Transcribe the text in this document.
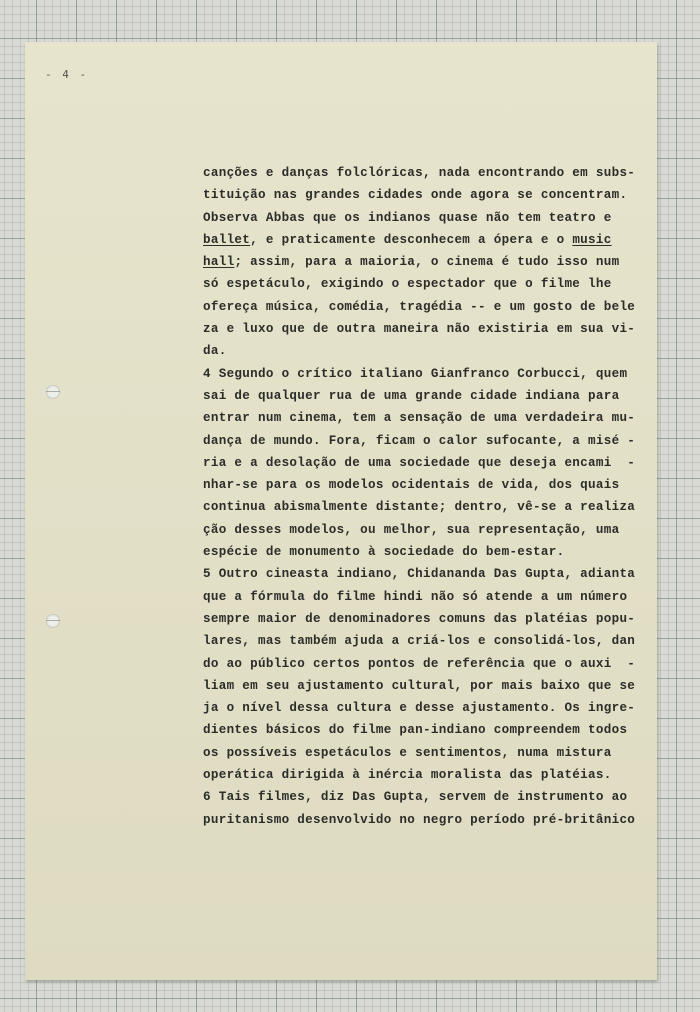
- 4 -
canções e danças folclóricas, nada encontrando em subs-
tituição nas grandes cidades onde agora se concentram.
Observa Abbas que os indianos quase não tem teatro e
ballet, e praticamente desconhecem a ópera e o music
hall; assim, para a maioria, o cinema é tudo isso num
só espetáculo, exigindo o espectador que o filme lhe
ofereça música, comédia, tragédia -- e um gosto de bele
za e luxo que de outra maneira não existiria em sua vi-
da.
4 Segundo o crítico italiano Gianfranco Corbucci, quem
sai de qualquer rua de uma grande cidade indiana para
entrar num cinema, tem a sensação de uma verdadeira mu-
dança de mundo. Fora, ficam o calor sufocante, a misé -
ria e a desolação de uma sociedade que deseja encami  -
nhar-se para os modelos ocidentais de vida, dos quais
continua abismalmente distante; dentro, vê-se a realiza
ção desses modelos, ou melhor, sua representação, uma
espécie de monumento à sociedade do bem-estar.
5 Outro cineasta indiano, Chidananda Das Gupta, adianta
que a fórmula do filme hindi não só atende a um número
sempre maior de denominadores comuns das platéias popu-
lares, mas também ajuda a criá-los e consolidá-los, dan
do ao público certos pontos de referência que o auxi  -
liam em seu ajustamento cultural, por mais baixo que se
ja o nível dessa cultura e desse ajustamento. Os ingre-
dientes básicos do filme pan-indiano compreendem todos
os possíveis espetáculos e sentimentos, numa mistura
operática dirigida à inércia moralista das platéias.
6 Tais filmes, diz Das Gupta, servem de instrumento ao
puritanismo desenvolvido no negro período pré-britânico
